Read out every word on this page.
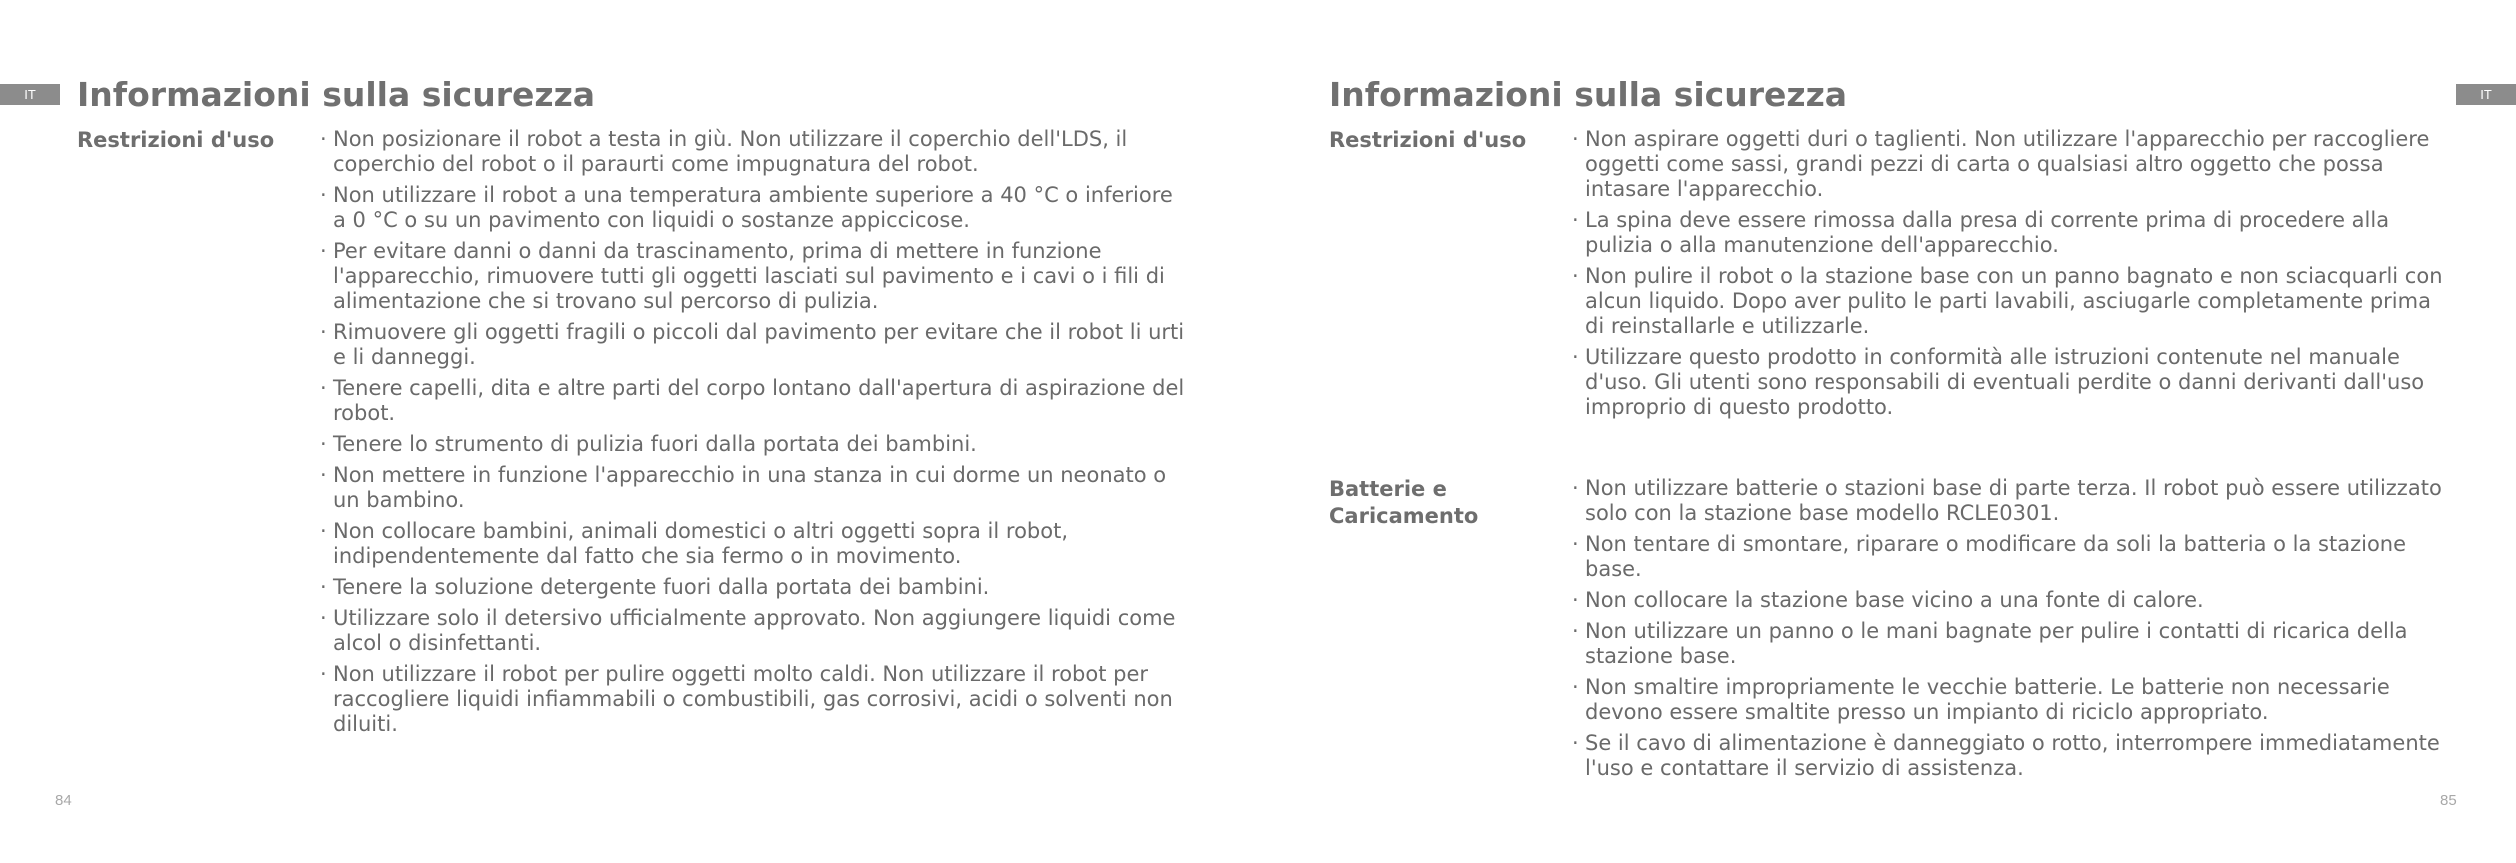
IT	Informazioni sulla sicurezza
Restrizioni d'uso	· Non posizionare il robot a testa in giù. Non utilizzare il coperchio dell'LDS, il coperchio del robot o il paraurti come impugnatura del robot.
· Non utilizzare il robot a una temperatura ambiente superiore a 40 °C o inferiore a 0 °C o su un pavimento con liquidi o sostanze appiccicose.
· Per evitare danni o danni da trascinamento, prima di mettere in funzione l'apparecchio, rimuovere tutti gli oggetti lasciati sul pavimento e i cavi o i fili di alimentazione che si trovano sul percorso di pulizia.
· Rimuovere gli oggetti fragili o piccoli dal pavimento per evitare che il robot li urti e li danneggi.
· Tenere capelli, dita e altre parti del corpo lontano dall'apertura di aspirazione del robot.
· Tenere lo strumento di pulizia fuori dalla portata dei bambini.
· Non mettere in funzione l'apparecchio in una stanza in cui dorme un neonato o un bambino.
· Non collocare bambini, animali domestici o altri oggetti sopra il robot, indipendentemente dal fatto che sia fermo o in movimento.
· Tenere la soluzione detergente fuori dalla portata dei bambini.
· Utilizzare solo il detersivo ufficialmente approvato. Non aggiungere liquidi come alcol o disinfettanti.
· Non utilizzare il robot per pulire oggetti molto caldi. Non utilizzare il robot per raccogliere liquidi infiammabili o combustibili, gas corrosivi, acidi o solventi non diluiti.
84
IT
Informazioni sulla sicurezza
Restrizioni d'uso	· Non aspirare oggetti duri o taglienti. Non utilizzare l'apparecchio per raccogliere oggetti come sassi, grandi pezzi di carta o qualsiasi altro oggetto che possa intasare l'apparecchio.
· La spina deve essere rimossa dalla presa di corrente prima di procedere alla pulizia o alla manutenzione dell'apparecchio.
· Non pulire il robot o la stazione base con un panno bagnato e non sciacquarli con alcun liquido. Dopo aver pulito le parti lavabili, asciugarle completamente prima di reinstallarle e utilizzarle.
· Utilizzare questo prodotto in conformità alle istruzioni contenute nel manuale d'uso. Gli utenti sono responsabili di eventuali perdite o danni derivanti dall'uso improprio di questo prodotto.
Batterie e Caricamento
· Non utilizzare batterie o stazioni base di parte terza. Il robot può essere utilizzato solo con la stazione base modello RCLE0301.
· Non tentare di smontare, riparare o modificare da soli la batteria o la stazione base.
· Non collocare la stazione base vicino a una fonte di calore.
· Non utilizzare un panno o le mani bagnate per pulire i contatti di ricarica della stazione base.
· Non smaltire impropriamente le vecchie batterie. Le batterie non necessarie devono essere smaltite presso un impianto di riciclo appropriato.
· Se il cavo di alimentazione è danneggiato o rotto, interrompere immediatamente l'uso e contattare il servizio di assistenza.
85
